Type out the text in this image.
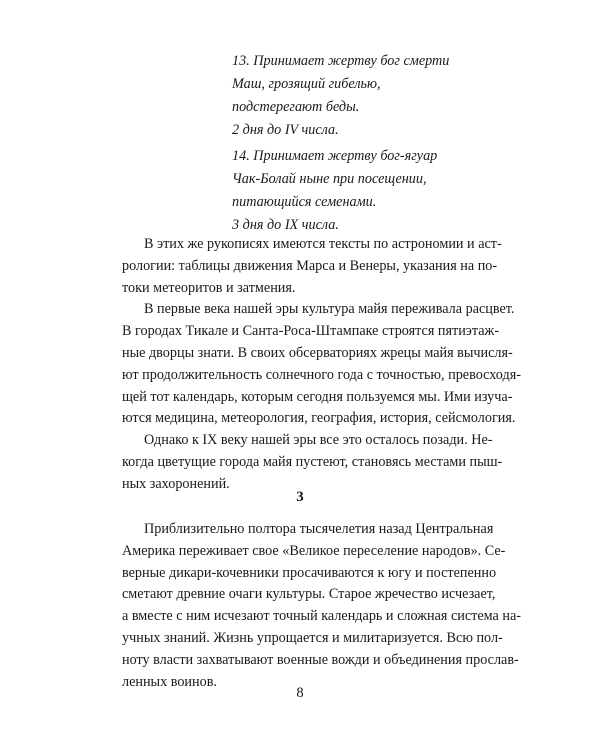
13. Принимает жертву бог смерти
Маш, грозящий гибелью,
подстерегают беды.
2 дня до IV числа.
14. Принимает жертву бог-ягуар
Чак-Болай ныне при посещении,
питающийся семенами.
3 дня до IX числа.
В этих же рукописях имеются тексты по астрономии и аст-
рологии: таблицы движения Марса и Венеры, указания на по-
токи метеоритов и затмения.
В первые века нашей эры культура майя переживала расцвет.
В городах Тикале и Санта-Роса-Штампаке строятся пятиэтаж-
ные дворцы знати. В своих обсерваториях жрецы майя вычисля-
ют продолжительность солнечного года с точностью, превосходя-
щей тот календарь, которым сегодня пользуемся мы. Ими изуча-
ются медицина, метеорология, география, история, сейсмология.
Однако к IX веку нашей эры все это осталось позади. Не-
когда цветущие города майя пустеют, становясь местами пыш-
ных захоронений.
3
Приблизительно полтора тысячелетия назад Центральная
Америка переживает свое «Великое переселение народов». Се-
верные дикари-кочевники просачиваются к югу и постепенно
сметают древние очаги культуры. Старое жречество исчезает,
а вместе с ним исчезают точный календарь и сложная система на-
учных знаний. Жизнь упрощается и милитаризуется. Всю пол-
ноту власти захватывают военные вожди и объединения прослав-
ленных воинов.
8
